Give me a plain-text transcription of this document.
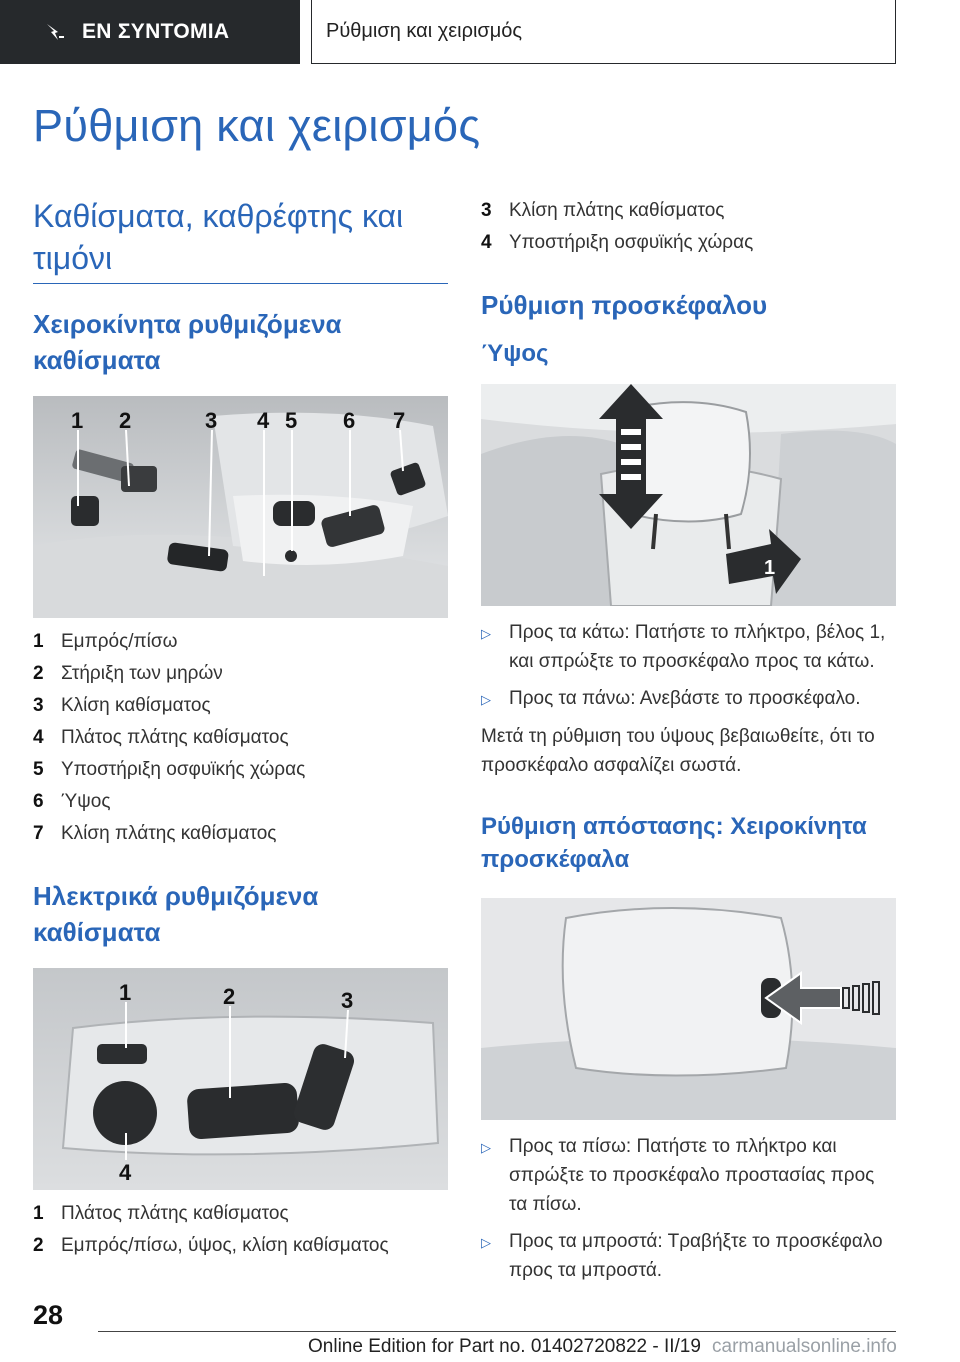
ΕΝ ΣΥΝΤΟΜΙΑ	Ρύθμιση και χειρισμός
Ρύθμιση και χειρισμός
Καθίσματα, καθρέφτης και τιμόνι
Χειροκίνητα ρυθμιζόμενα καθίσματα
1 2	3 4 5 6 7
1 Εμπρός/πίσω
2 Στήριξη των μηρών
3 Κλίση καθίσματος
4 Πλάτος πλάτης καθίσματος
5 Υποστήριξη οσφυϊκής χώρας
6 Ύψος
7 Κλίση πλάτης καθίσματος
Ηλεκτρικά ρυθμιζόμενα καθίσματα
1	2	3
4
1 Πλάτος πλάτης καθίσματος
2 Εμπρός/πίσω, ύψος, κλίση καθίσματος
3 Κλίση πλάτης καθίσματος
4 Υποστήριξη οσφυϊκής χώρας
Ρύθμιση προσκέφαλου
Ύψος
1
▷ Προς τα κάτω: Πατήστε το πλήκτρο, βέλος 1, και σπρώξτε το προσκέφαλο προς τα κάτω.
▷ Προς τα πάνω: Ανεβάστε το προσκέφαλο.

Μετά τη ρύθμιση του ύψους βεβαιωθείτε, ότι το προσκέφαλο ασφαλίζει σωστά.

Ρύθμιση απόστασης: Χειροκίνητα προσκέφαλα
▷ Προς τα πίσω: Πατήστε το πλήκτρο και σπρώξτε το προσκέφαλο προστασίας προς τα πίσω.
▷ Προς τα μπροστά: Τραβήξτε το προσκέφαλο προς τα μπροστά.
28
Online Edition for Part no. 01402720822 - II/19 carmanualsonline.info
